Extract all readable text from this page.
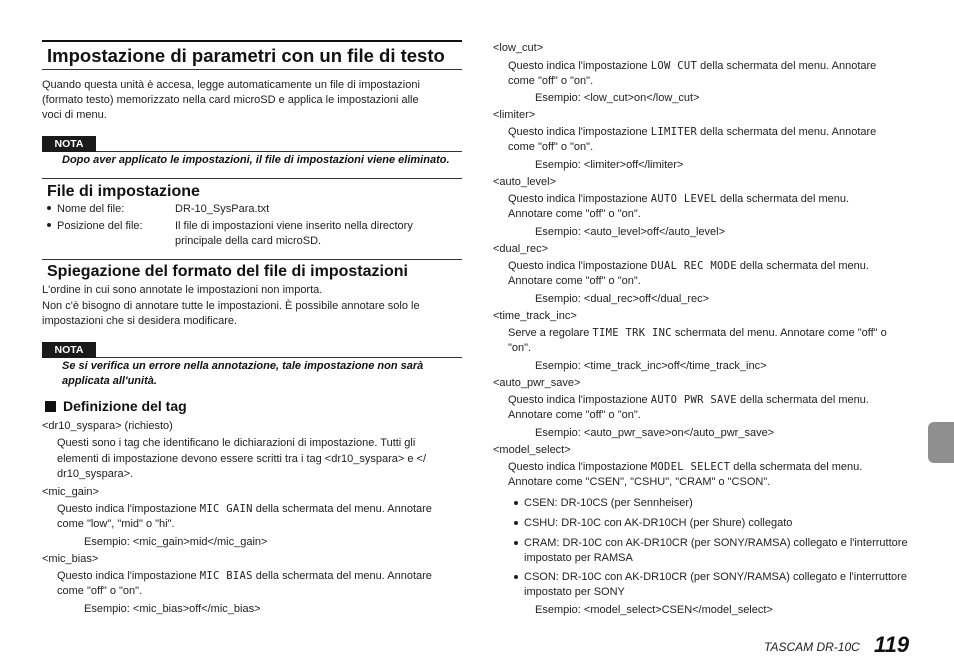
Impostazione di parametri con un file di testo
Quando questa unità è accesa, legge automaticamente un file di impostazioni
(formato testo) memorizzato nella card microSD e applica le impostazioni alle
voci di menu.
NOTA
Dopo aver applicato le impostazioni, il file di impostazioni viene eliminato.
File di impostazione
Nome del file:	DR-10_SysPara.txt
Posizione del file:	Il file di impostazioni viene inserito nella directory
principale della card microSD.
Spiegazione del formato del file di impostazioni
L'ordine in cui sono annotate le impostazioni non importa.
Non c'è bisogno di annotare tutte le impostazioni. È possibile annotare solo le
impostazioni che si desidera modificare.
NOTA
Se si verifica un errore nella annotazione, tale impostazione non sarà
applicata all'unità.
Definizione del tag
<dr10_syspara> (richiesto)
Questi sono i tag che identificano le dichiarazioni di impostazione. Tutti gli
elementi di impostazione devono essere scritti tra i tag <dr10_syspara> e </
dr10_syspara>.
<mic_gain>
Questo indica l'impostazione MIC GAIN della schermata del menu. Annotare
come "low", "mid" o "hi".
Esempio: <mic_gain>mid</mic_gain>
<mic_bias>
Questo indica l'impostazione MIC BIAS della schermata del menu. Annotare
come "off" o "on".
Esempio: <mic_bias>off</mic_bias>
<low_cut>
Questo indica l'impostazione LOW CUT della schermata del menu. Annotare
come "off" o "on".
Esempio: <low_cut>on</low_cut>
<limiter>
Questo indica l'impostazione LIMITER della schermata del menu. Annotare
come "off" o "on".
Esempio: <limiter>off</limiter>
<auto_level>
Questo indica l'impostazione AUTO LEVEL della schermata del menu.
Annotare come "off" o "on".
Esempio: <auto_level>off</auto_level>
<dual_rec>
Questo indica l'impostazione DUAL REC MODE della schermata del menu.
Annotare come "off" o "on".
Esempio: <dual_rec>off</dual_rec>
<time_track_inc>
Serve a regolare TIME TRK INC schermata del menu. Annotare come "off" o
"on".
Esempio: <time_track_inc>off</time_track_inc>
<auto_pwr_save>
Questo indica l'impostazione AUTO PWR SAVE della schermata del menu.
Annotare come "off" o "on".
Esempio: <auto_pwr_save>on</auto_pwr_save>
<model_select>
Questo indica l'impostazione MODEL SELECT della schermata del menu.
Annotare come "CSEN", "CSHU", "CRAM" o "CSON".
CSEN: DR-10CS (per Sennheiser)
CSHU: DR-10C con AK-DR10CH (per Shure) collegato
CRAM: DR-10C con AK-DR10CR (per SONY/RAMSA) collegato e l'interruttore
impostato per RAMSA
CSON: DR-10C con AK-DR10CR (per SONY/RAMSA) collegato e l'interruttore
impostato per SONY
Esempio: <model_select>CSEN</model_select>
TASCAM DR-10C 119
